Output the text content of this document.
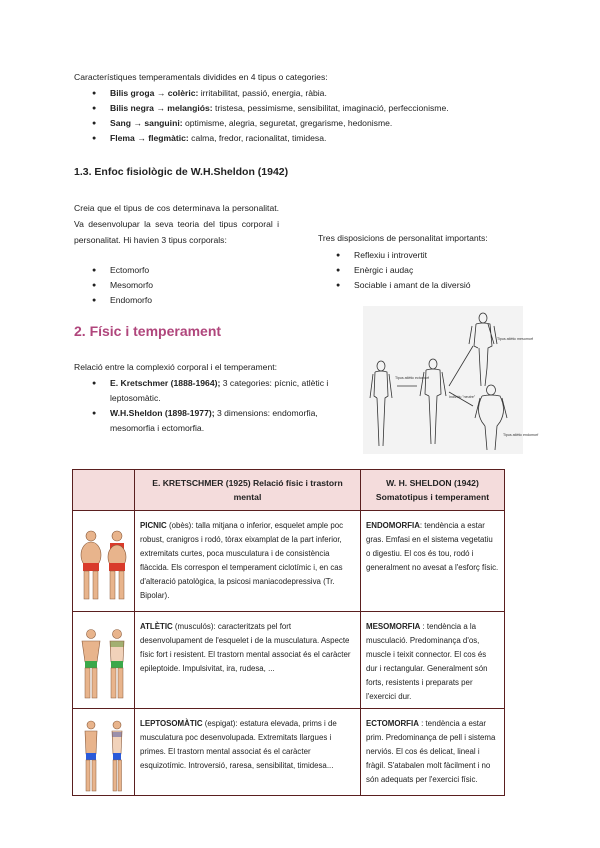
Característiques temperamentals dividides en 4 tipus o categories:
● Bilis groga → colèric: irritabilitat, passió, energia, ràbia.
● Bilis negra → melangiós: tristesa, pessimisme, sensibilitat, imaginació, perfeccionisme.
● Sang → sanguini: optimisme, alegria, seguretat, gregarisme, hedonisme.
● Flema → flegmàtic: calma, fredor, racionalitat, timidesa.
1.3. Enfoc fisiològic de W.H.Sheldon (1942)
Creia que el tipus de cos determinava la personalitat. Va desenvolupar la seva teoria del tipus corporal i personalitat. Hi havien 3 tipus corporals:
● Ectomorfo
● Mesomorfo
● Endomorfo
Tres disposicions de personalitat importants:
● Reflexiu i introvertit
● Enèrgic i audaç
● Sociable i amant de la diversió
2. Físic i temperament
Relació entre la complexió corporal i el temperament:
● E. Kretschmer (1888-1964); 3 categories: pícnic, atlètic i leptosomàtic.
● W.H.Sheldon (1898-1977); 3 dimensions: endomorfia, mesomorfia i ectomorfia.
Tipus atlètic mesomorf
Tipus atlètic ectomorf
Individu "neutre"
Tipus atlètic endomorf
	E. KRETSCHMER (1925) Relació físic i trastorn mental	W. H. SHELDON (1942)
Somatotipus i temperament

PICNIC (obès): talla mitjana o inferior, esquelet ample poc robust, cranigros i rodó, tòrax eixamplat de la part inferior, extremitats curtes, poca musculatura i de consistència flàccida. Els correspon el temperament ciclotímic i, en cas d'alteració patològica, la psicosi maniacodepressiva (Tr. Bipolar).	ENDOMORFIA: tendència a estar gras. Emfasi en el sistema vegetatiu o digestiu. El cos és tou, rodó i generalment no avesat a l'esforç físic.

ATLÈTIC (musculós): caracteritzats pel fort desenvolupament de l'esquelet i de la musculatura. Aspecte físic fort i resistent. El trastorn mental associat és el caràcter epileptoide. Impulsivitat, ira, rudesa, ...	MESOMORFIA : tendència a la musculació. Predominança d'os, muscle i teixit connector. El cos és dur i rectangular. Generalment són forts, resistents i preparats per l'exercici dur.

LEPTOSOMÀTIC (espigat): estatura elevada, prims i de musculatura poc desenvolupada. Extremitats llargues i primes. El trastorn mental associat és el caràcter esquizotímic. Introversió, raresa, sensibilitat, timidesa...	ECTOMORFIA : tendència a estar prim. Predominança de pell i sistema nerviós. El cos és delicat, lineal i fràgil. S'atabalen molt fàcilment i no són adequats per l'exercici físic.
